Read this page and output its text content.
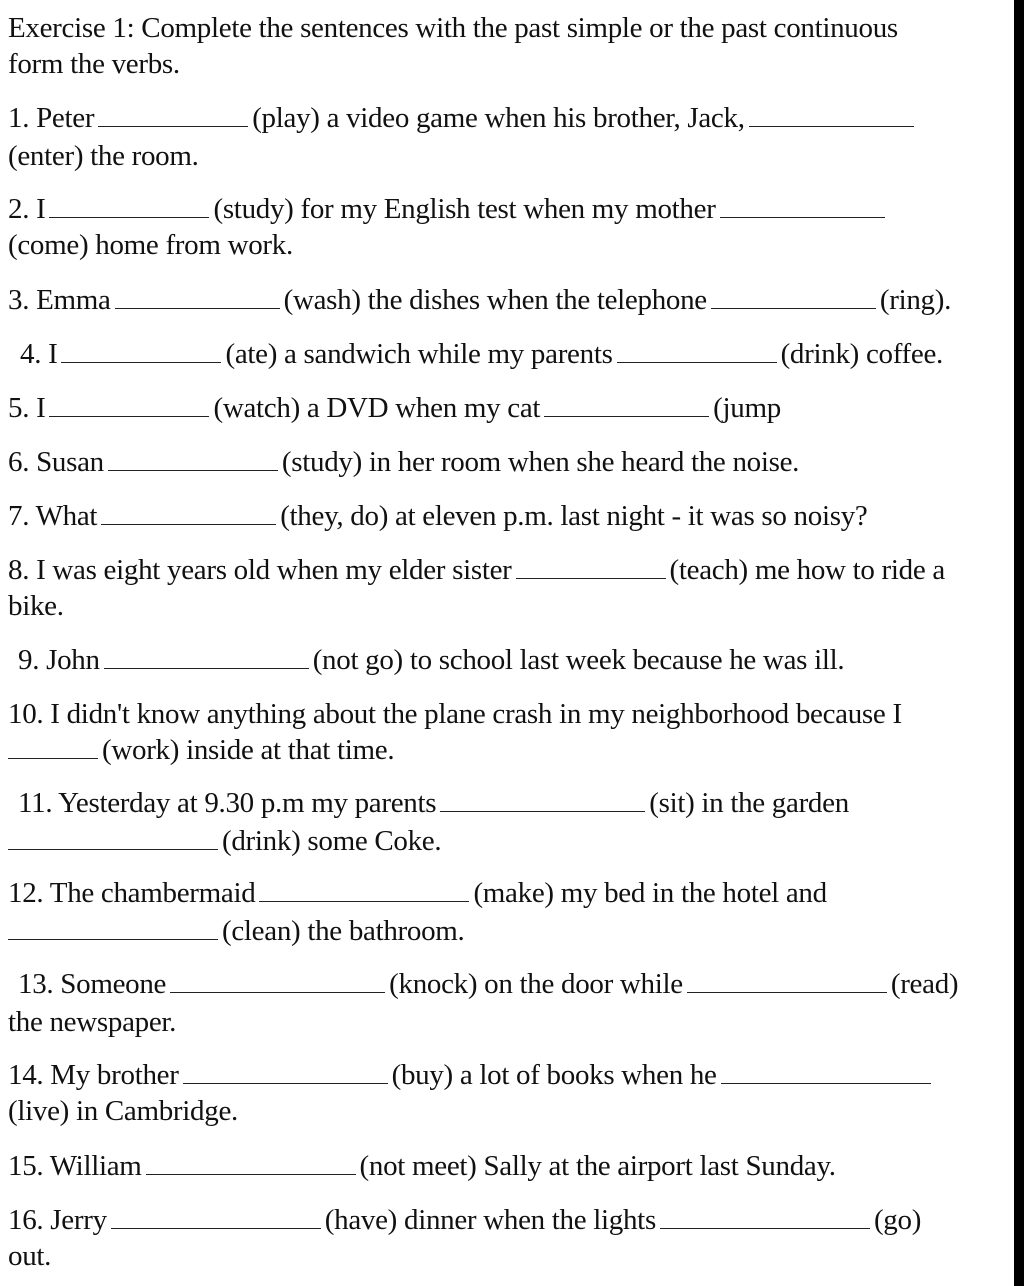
Exercise 1: Complete the sentences with the past simple or the past continuous
form the verbs.
1. Peter	(play) a video game when his brother, Jack,
(enter) the room.
2. I	(study) for my English test when my mother
(come) home from work.
3. Emma	(wash) the dishes when the telephone	(ring).
4. I	(ate) a sandwich while my parents	(drink) coffee.
5. I	(watch) a DVD when my cat	(jump
6. Susan	(study) in her room when she heard the noise.
7. What	(they, do) at eleven p.m. last night - it was so noisy?
8. I was eight years old when my elder sister	(teach) me how to ride a
bike.
9. John	(not go) to school last week because he was ill.
10. I didn't know anything about the plane crash in my neighborhood because I
(work) inside at that time.
11. Yesterday at 9.30 p.m my parents	(sit) in the garden
(drink) some Coke.
12. The chambermaid	(make) my bed in the hotel and
(clean) the bathroom.
13. Someone	(knock) on the door while	(read)
the newspaper.
14. My brother	(buy) a lot of books when he
(live) in Cambridge.
15. William	(not meet) Sally at the airport last Sunday.
16. Jerry	(have) dinner when the lights	(go)
out.
